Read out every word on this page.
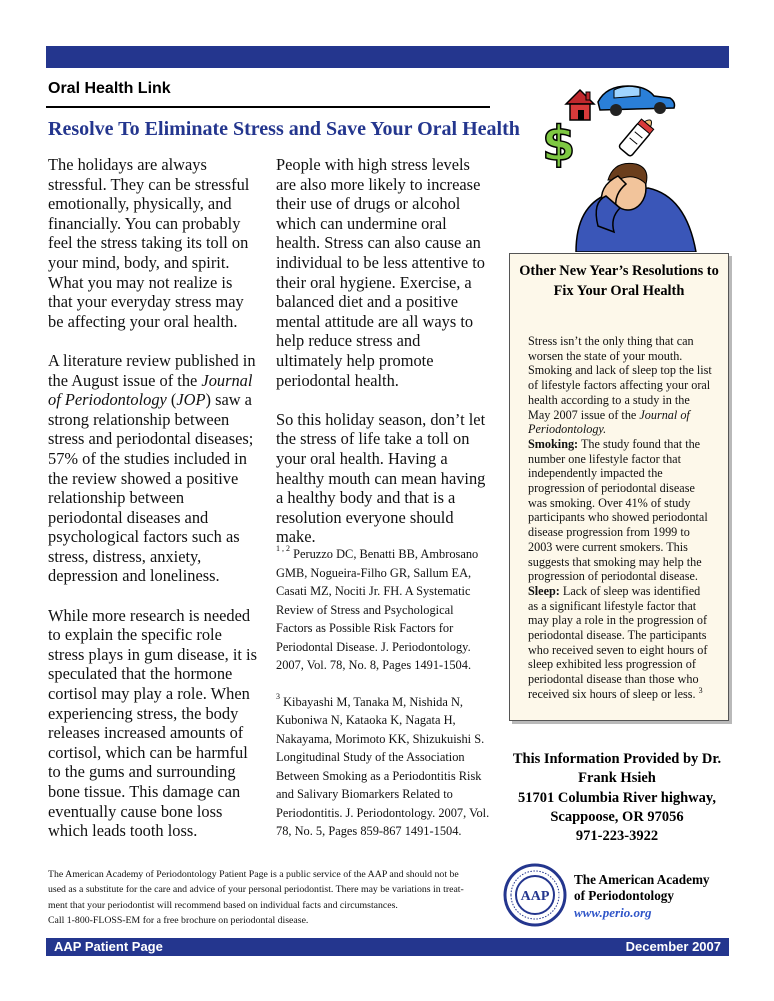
Oral Health Link
Resolve To Eliminate Stress and Save Your Oral Health

The holidays are always stressful. They can be stressful emotionally, physically, and financially. You can probably feel the stress taking its toll on your mind, body, and spirit. What you may not realize is that your everyday stress may be affecting your oral health.

A literature review published in the August issue of the Journal of Periodontology (JOP) saw a strong relationship between stress and periodontal diseases; 57% of the studies included in the review showed a positive relationship between periodontal diseases and psychological factors such as stress, distress, anxiety, depression and loneliness.

While more research is needed to explain the specific role stress plays in gum disease, it is speculated that the hormone cortisol may play a role. When experiencing stress, the body releases increased amounts of cortisol, which can be harmful to the gums and surrounding bone tissue. This damage can eventually cause bone loss which leads tooth loss.

People with high stress levels are also more likely to increase their use of drugs or alcohol which can undermine oral health. Stress can also cause an individual to be less attentive to their oral hygiene. Exercise, a balanced diet and a positive mental attitude are all ways to help reduce stress and ultimately help promote periodontal health.

So this holiday season, don’t let the stress of life take a toll on your oral health. Having a healthy mouth can mean having a healthy body and that is a resolution everyone should make.

$^{1 , 2}$ Peruzzo DC, Benatti BB, Ambrosano GMB, Nogueira-Filho GR, Sallum EA, Casati MZ, Nociti Jr. FH. A Systematic Review of Stress and Psychological Factors as Possible Risk Factors for Periodontal Disease. J. Periodontology. 2007, Vol. 78, No. 8, Pages 1491-1504.

$^3$ Kibayashi M, Tanaka M, Nishida N, Kuboniwa N, Kataoka K, Nagata H, Nakayama, Morimoto KK, Shizukuishi S. Longitudinal Study of the Association Between Smoking as a Periodontitis Risk and Salivary Biomarkers Related to Periodontitis. J. Periodontology. 2007, Vol. 78, No. 5, Pages 859-867 1491-1504.

$
Other New Year’s Resolutions to Fix Your Oral Health
Stress isn’t the only thing that can worsen the state of your mouth. Smoking and lack of sleep top the list of lifestyle factors affecting your oral health according to a study in the May 2007 issue of the Journal of Periodontology.
Smoking: The study found that the number one lifestyle factor that independently impacted the progression of periodontal disease was smoking. Over 41% of study participants who showed periodontal disease progression from 1999 to 2003 were current smokers. This suggests that smoking may help the progression of periodontal disease.
Sleep: Lack of sleep was identified as a significant lifestyle factor that may play a role in the progression of periodontal disease. The participants who received seven to eight hours of sleep exhibited less progression of periodontal disease than those who received six hours of sleep or less. $^3$
This Information Provided by Dr.
Frank Hsieh
51701 Columbia River highway,
Scappoose, OR 97056
971-223-3922
The American Academy of Periodontology Patient Page is a public service of the AAP and should not be
used as a substitute for the care and advice of your personal periodontist. There may be variations in treat-
ment that your periodontist will recommend based on individual facts and circumstances.
Call 1-800-FLOSS-EM for a free brochure on periodontal disease.
AAP
The American Academy
of Periodontology
www.perio.org
AAP Patient Page	December 2007
